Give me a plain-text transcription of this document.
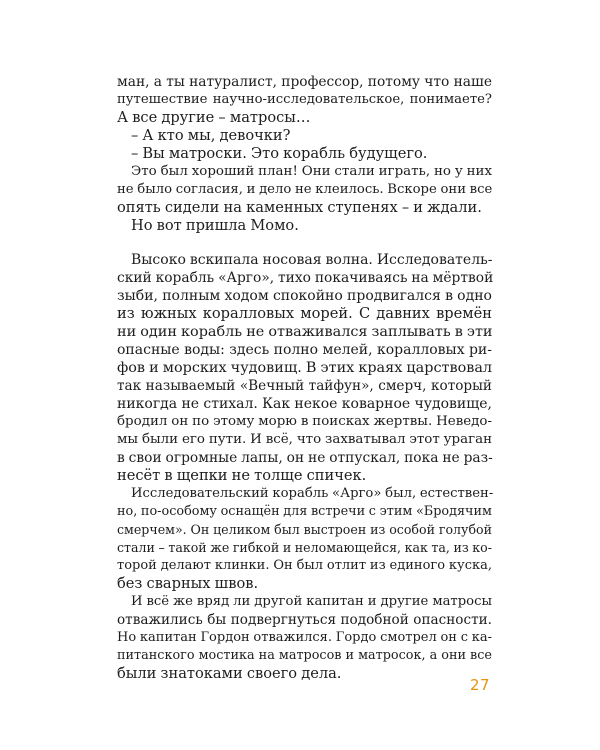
ман, а ты натуралист, профессор, потому что наше
путешествие научно-исследовательское, понимаете?
А все другие – матросы…
– А кто мы, девочки?
– Вы матроски. Это корабль будущего.
Это был хороший план! Они стали играть, но у них
не было согласия, и дело не клеилось. Вскоре они все
опять сидели на каменных ступенях – и ждали.
Но вот пришла Момо.
Высоко вскипала носовая волна. Исследователь-
ский корабль «Арго», тихо покачиваясь на мёртвой
зыби, полным ходом спокойно продвигался в одно
из южных коралловых морей. С давних времён
ни один корабль не отваживался заплывать в эти
опасные воды: здесь полно мелей, коралловых ри-
фов и морских чудовищ. В этих краях царствовал
так называемый «Вечный тайфун», смерч, который
никогда не стихал. Как некое коварное чудовище,
бродил он по этому морю в поисках жертвы. Неведо-
мы были его пути. И всё, что захватывал этот ураган
в свои огромные лапы, он не отпускал, пока не раз-
несёт в щепки не толще спичек.
Исследовательский корабль «Арго» был, естествен-
но, по-особому оснащён для встречи с этим «Бродячим
смерчем». Он целиком был выстроен из особой голубой
стали – такой же гибкой и неломающейся, как та, из ко-
торой делают клинки. Он был отлит из единого куска,
без сварных швов.
И всё же вряд ли другой капитан и другие матросы
отважились бы подвергнуться подобной опасности.
Но капитан Гордон отважился. Гордо смотрел он с ка-
питанского мостика на матросов и матросок, а они все
были знатоками своего дела.
27
